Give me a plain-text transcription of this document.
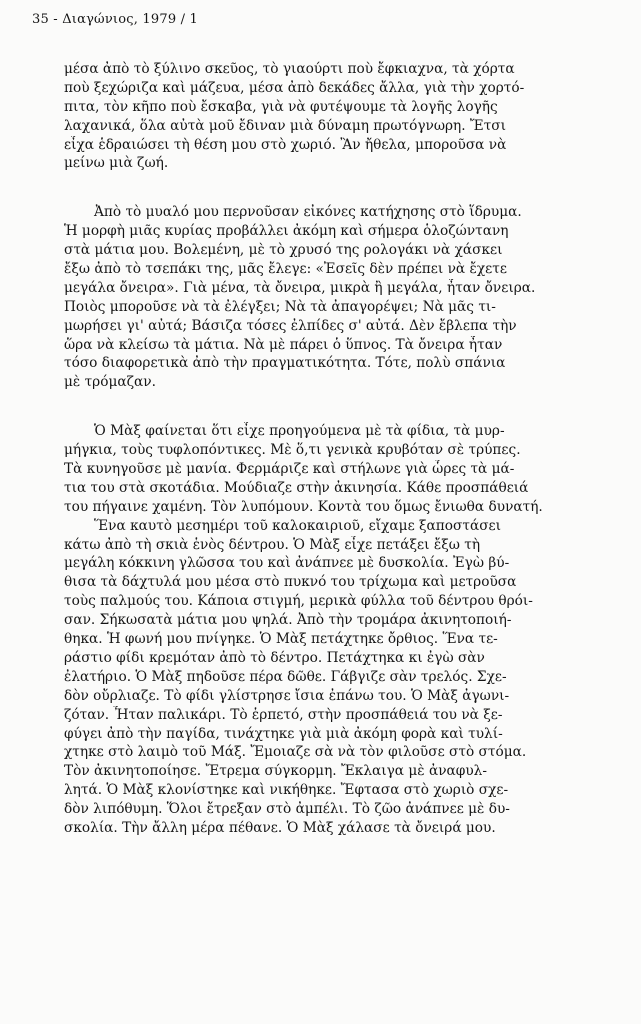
35 - Διαγώνιος, 1979 / 1
μέσα ἀπὸ τὸ ξύλινο σκεῦος, τὸ γιαούρτι ποὺ ἔφκιαχνα, τὰ χόρτα
ποὺ ξεχώριζα καὶ μάζευα, μέσα ἀπὸ δεκάδες ἄλλα, γιὰ τὴν χορτό-
πιτα, τὸν κῆπο ποὺ ἔσκαβα, γιὰ νὰ φυτέψουμε τὰ λογῆς λογῆς
λαχανικά, ὅλα αὐτὰ μοῦ ἔδιναν μιὰ δύναμη πρωτόγνωρη. Ἔτσι
εἶχα ἑδραιώσει τὴ θέση μου στὸ χωριό. Ἂν ἤθελα, μποροῦσα νὰ
μείνω μιὰ ζωή.
Ἀπὸ τὸ μυαλό μου περνοῦσαν εἰκόνες κατήχησης στὸ ἵδρυμα.
Ἡ μορφὴ μιᾶς κυρίας προβάλλει ἀκόμη καὶ σήμερα ὁλοζώντανη
στὰ μάτια μου. Βολεμένη, μὲ τὸ χρυσό της ρολογάκι νὰ χάσκει
ἔξω ἀπὸ τὸ τσεπάκι της, μᾶς ἔλεγε: «Ἐσεῖς δὲν πρέπει νὰ ἔχετε
μεγάλα ὄνειρα». Γιὰ μένα, τὰ ὄνειρα, μικρὰ ἢ μεγάλα, ἦταν ὄνειρα.
Ποιὸς μποροῦσε νὰ τὰ ἐλέγξει; Νὰ τὰ ἀπαγορέψει; Νὰ μᾶς τι-
μωρήσει γι' αὐτά; Βάσιζα τόσες ἐλπίδες σ' αὐτά. Δὲν ἔβλεπα τὴν
ὥρα νὰ κλείσω τὰ μάτια. Νὰ μὲ πάρει ὁ ὕπνος. Τὰ ὄνειρα ἦταν
τόσο διαφορετικὰ ἀπὸ τὴν πραγματικότητα. Τότε, πολὺ σπάνια
μὲ τρόμαζαν.
Ὁ Μὰξ φαίνεται ὅτι εἶχε προηγούμενα μὲ τὰ φίδια, τὰ μυρ-
μήγκια, τοὺς τυφλοπόντικες. Μὲ ὅ,τι γενικὰ κρυβόταν σὲ τρύπες.
Τὰ κυνηγοῦσε μὲ μανία. Φερμάριζε καὶ στήλωνε γιὰ ὧρες τὰ μά-
τια του στὰ σκοτάδια. Μούδιαζε στὴν ἀκινησία. Κάθε προσπάθειά
του πήγαινε χαμένη. Τὸν λυπόμουν. Κοντὰ του ὅμως ἔνιωθα δυνατή.
Ἕνα καυτὸ μεσημέρι τοῦ καλοκαιριοῦ, εἴχαμε ξαποστάσει
κάτω ἀπὸ τὴ σκιὰ ἑνὸς δέντρου. Ὁ Μὰξ εἶχε πετάξει ἔξω τὴ
μεγάλη κόκκινη γλῶσσα του καὶ ἀνάπνεε μὲ δυσκολία. Ἐγὼ βύ-
θισα τὰ δάχτυλά μου μέσα στὸ πυκνό του τρίχωμα καὶ μετροῦσα
τοὺς παλμούς του. Κάποια στιγμή, μερικὰ φύλλα τοῦ δέντρου θρόι-
σαν. Σήκωσατὰ μάτια μου ψηλά. Ἀπὸ τὴν τρομάρα ἀκινητοποιή-
θηκα. Ἡ φωνή μου πνίγηκε. Ὁ Μὰξ πετάχτηκε ὄρθιος. Ἕνα τε-
ράστιο φίδι κρεμόταν ἀπὸ τὸ δέντρο. Πετάχτηκα κι ἐγὼ σὰν
ἐλατήριο. Ὁ Μὰξ πηδοῦσε πέρα δῶθε. Γάβγιζε σὰν τρελός. Σχε-
δὸν οὔρλιαζε. Τὸ φίδι γλίστρησε ἴσια ἐπάνω του. Ὁ Μὰξ ἀγωνι-
ζόταν. Ἦταν παλικάρι. Τὸ ἑρπετό, στὴν προσπάθειά του νὰ ξε-
φύγει ἀπὸ τὴν παγίδα, τινάχτηκε γιὰ μιὰ ἀκόμη φορὰ καὶ τυλί-
χτηκε στὸ λαιμὸ τοῦ Μάξ. Ἔμοιαζε σὰ νὰ τὸν φιλοῦσε στὸ στόμα.
Τὸν ἀκινητοποίησε. Ἔτρεμα σύγκορμη. Ἔκλαιγα μὲ ἀναφυλ-
λητά. Ὁ Μὰξ κλονίστηκε καὶ νικήθηκε. Ἔφτασα στὸ χωριὸ σχε-
δὸν λιπόθυμη. Ὅλοι ἔτρεξαν στὸ ἀμπέλι. Τὸ ζῶο ἀνάπνεε μὲ δυ-
σκολία. Τὴν ἄλλη μέρα πέθανε. Ὁ Μὰξ χάλασε τὰ ὄνειρά μου.
